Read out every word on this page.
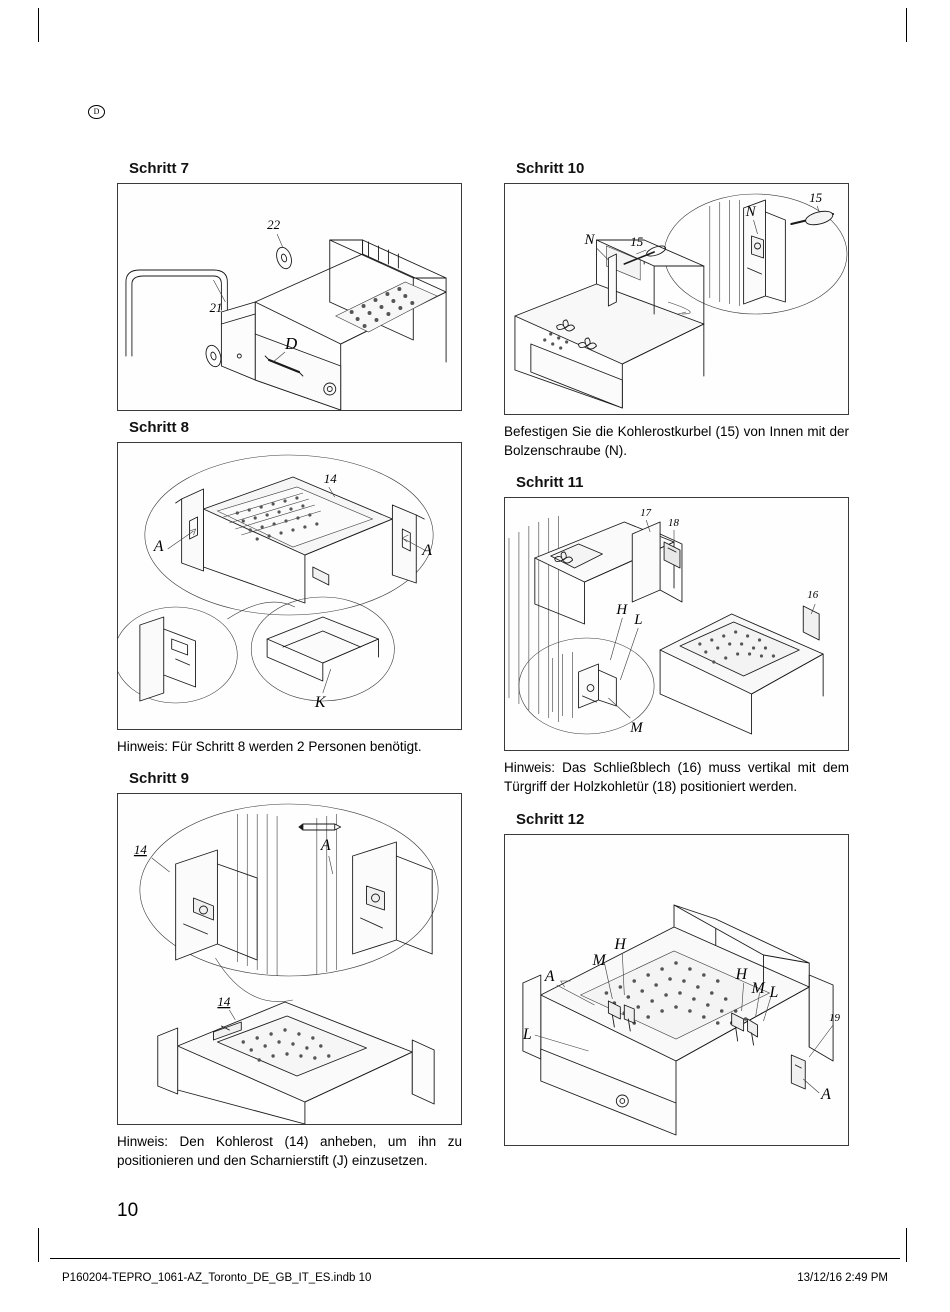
D
Schritt 7
22
21
D
Schritt 8
A	A
14
K

Hinweis: Für Schritt 8 werden 2 Personen benötigt.

Schritt 9
A
14
14

Hinweis: Den Kohlerost (14) anheben, um ihn zu positionieren und den Scharnierstift (J) einzusetzen.

Schritt 10
N	15
N
15

Befestigen Sie die Kohlerostkurbel (15) von Innen mit der Bolzenschraube (N).

Schritt 11
17
18
16
H
L
M

Hinweis: Das Schließblech (16) muss vertikal mit dem Türgriff der Holzkohletür (18) positioniert werden.

Schritt 12
H
M
A	H
M L
L
19
A
10
P160204-TEPRO_1061-AZ_Toronto_DE_GB_IT_ES.indb 10	13/12/16 2:49 PM
